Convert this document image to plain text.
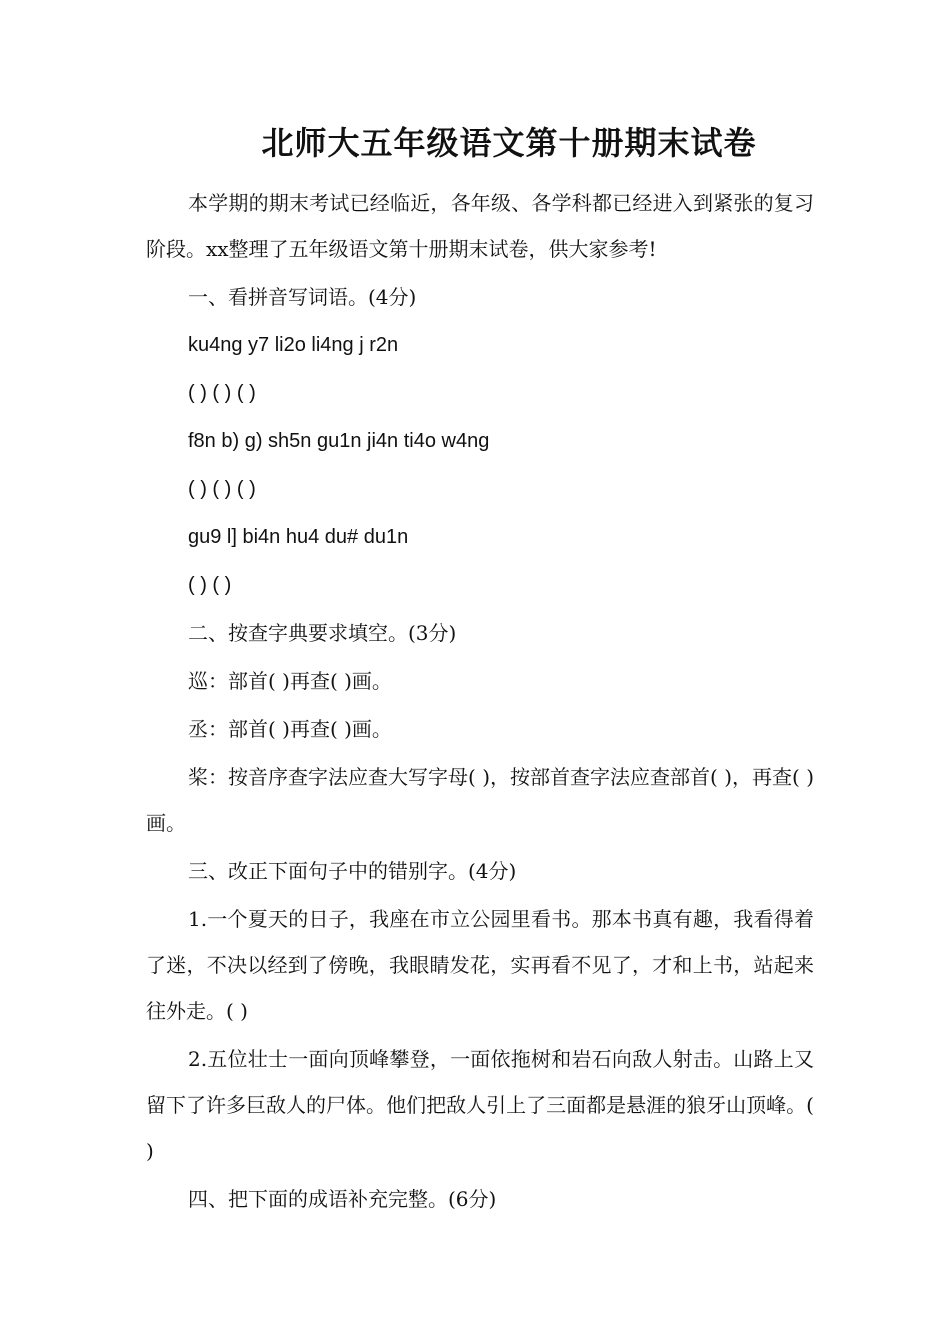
北师大五年级语文第十册期末试卷

本学期的期末考试已经临近，各年级、各学科都已经进入到紧张的复习阶段。xx整理了五年级语文第十册期末试卷，供大家参考!

一、看拼音写词语。(4分)

ku4ng y7 li2o li4ng j r2n

( ) ( ) ( )

f8n b) g) sh5n gu1n ji4n ti4o w4ng

( ) ( ) ( )

gu9 l] bi4n hu4 du# du1n

( ) ( )

二、按查字典要求填空。(3分)

巡：部首( )再查( )画。

丞：部首( )再查( )画。

桨：按音序查字法应查大写字母( )，按部首查字法应查部首( )，再查( )画。

三、改正下面句子中的错别字。(4分)

1.一个夏天的日子，我座在市立公园里看书。那本书真有趣，我看得着了迷，不决以经到了傍晚，我眼睛发花，实再看不见了，才和上书，站起来往外走。( )

2.五位壮士一面向顶峰攀登，一面依拖树和岩石向敌人射击。山路上又留下了许多巨敌人的尸体。他们把敌人引上了三面都是悬涯的狼牙山顶峰。( )

四、把下面的成语补充完整。(6分)
